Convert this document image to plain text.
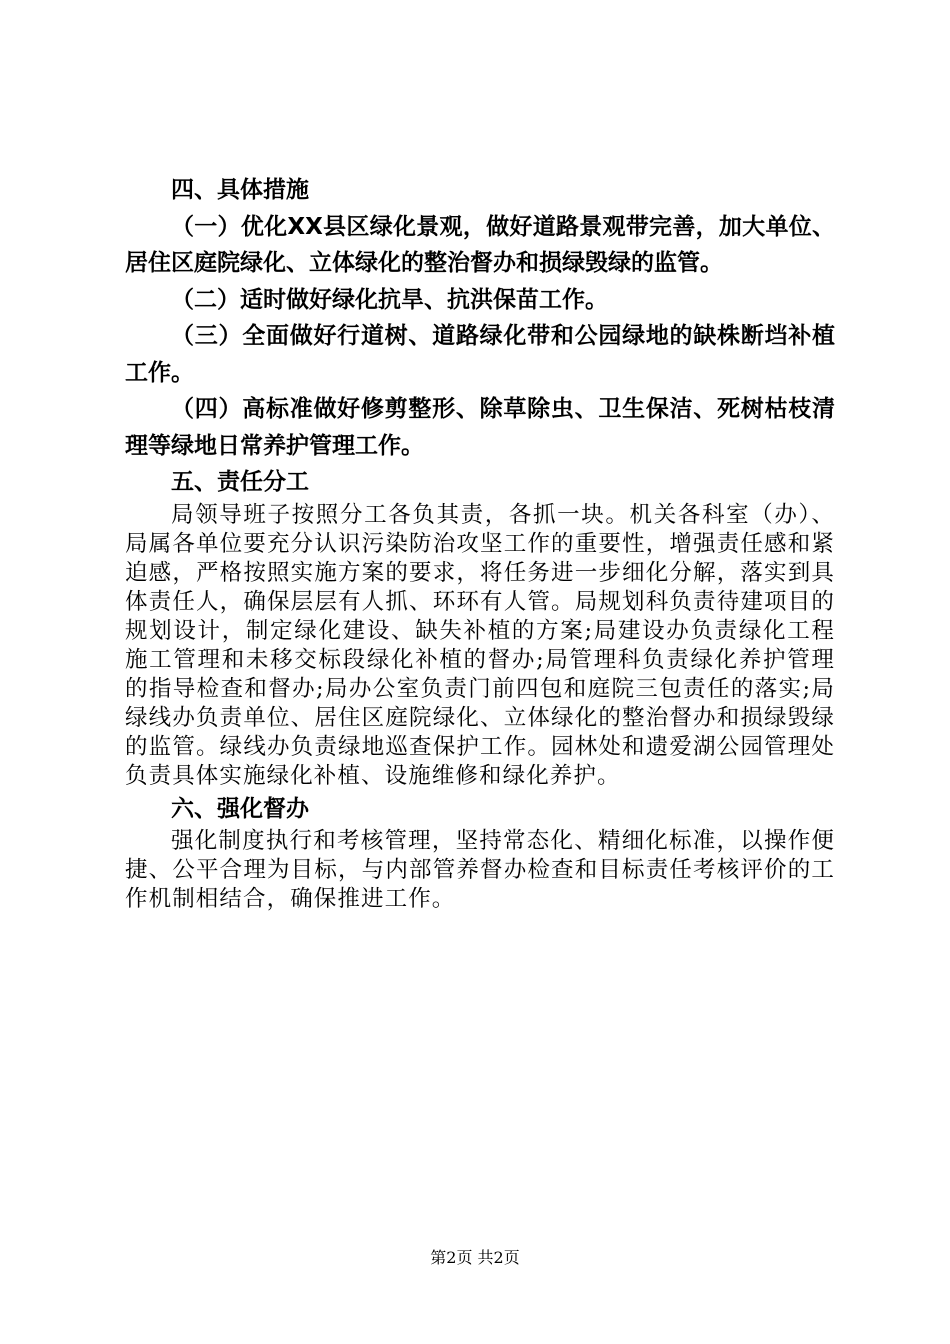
四、具体措施

（一）优化XX县区绿化景观，做好道路景观带完善，加大单位、居住区庭院绿化、立体绿化的整治督办和损绿毁绿的监管。

（二）适时做好绿化抗旱、抗洪保苗工作。

（三）全面做好行道树、道路绿化带和公园绿地的缺株断垱补植工作。

（四）高标准做好修剪整形、除草除虫、卫生保洁、死树枯枝清理等绿地日常养护管理工作。

五、责任分工

局领导班子按照分工各负其责，各抓一块。机关各科室（办）、局属各单位要充分认识污染防治攻坚工作的重要性，增强责任感和紧迫感，严格按照实施方案的要求，将任务进一步细化分解，落实到具体责任人，确保层层有人抓、环环有人管。局规划科负责待建项目的规划设计，制定绿化建设、缺失补植的方案;局建设办负责绿化工程施工管理和未移交标段绿化补植的督办;局管理科负责绿化养护管理的指导检查和督办;局办公室负责门前四包和庭院三包责任的落实;局绿线办负责单位、居住区庭院绿化、立体绿化的整治督办和损绿毁绿的监管。绿线办负责绿地巡查保护工作。园林处和遗爱湖公园管理处负责具体实施绿化补植、设施维修和绿化养护。

六、强化督办

强化制度执行和考核管理，坚持常态化、精细化标准，以操作便捷、公平合理为目标，与内部管养督办检查和目标责任考核评价的工作机制相结合，确保推进工作。

第2页 共2页
